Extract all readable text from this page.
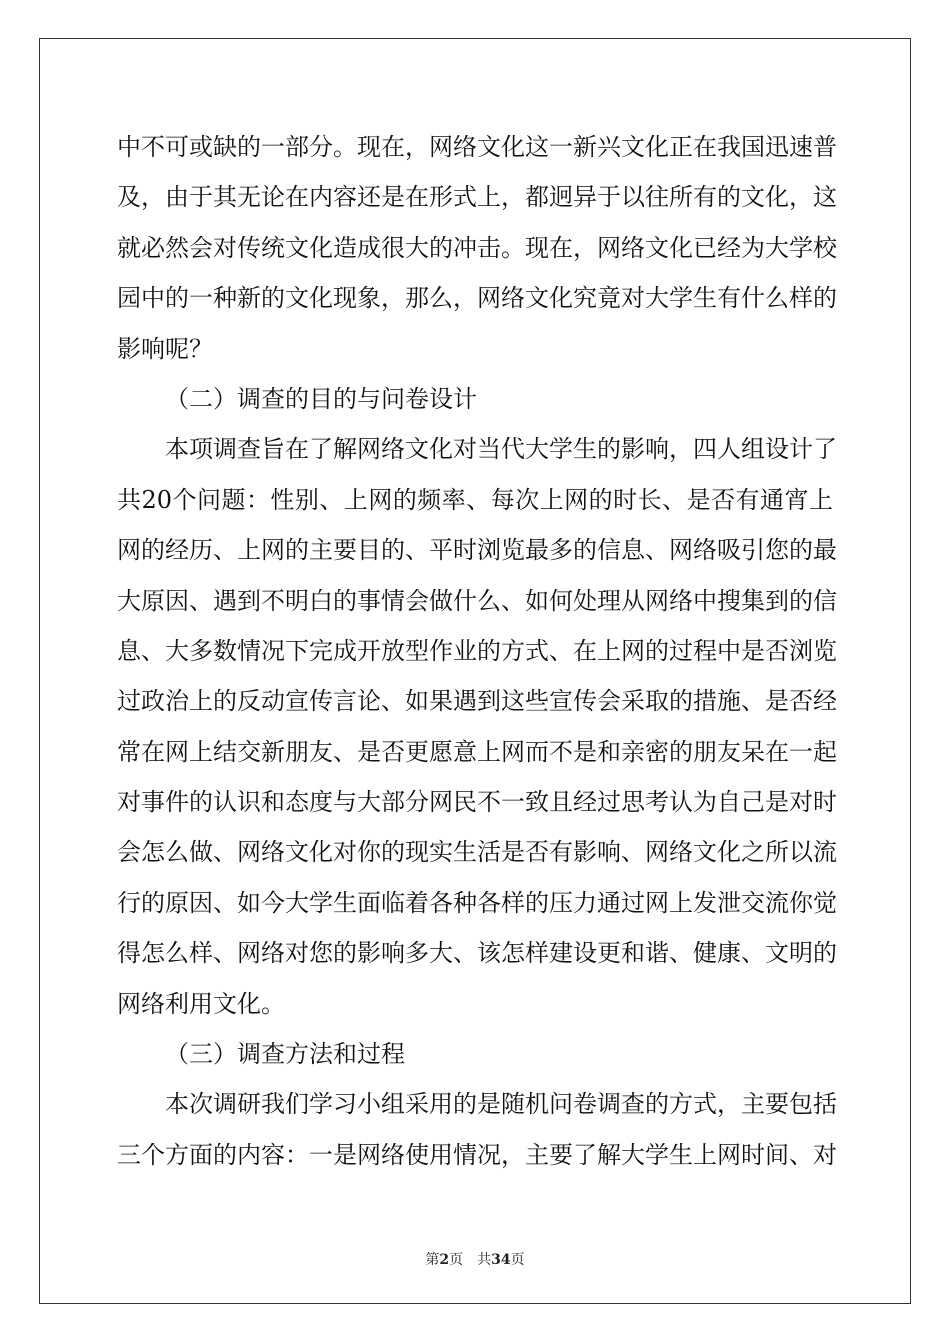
中不可或缺的一部分。现在，网络文化这一新兴文化正在我国迅速普
及，由于其无论在内容还是在形式上，都迥异于以往所有的文化，这
就必然会对传统文化造成很大的冲击。现在，网络文化已经为大学校
园中的一种新的文化现象，那么，网络文化究竟对大学生有什么样的
影响呢？
（二）调查的目的与问卷设计
本项调查旨在了解网络文化对当代大学生的影响，四人组设计了
共20个问题：性别、上网的频率、每次上网的时长、是否有通宵上
网的经历、上网的主要目的、平时浏览最多的信息、网络吸引您的最
大原因、遇到不明白的事情会做什么、如何处理从网络中搜集到的信
息、大多数情况下完成开放型作业的方式、在上网的过程中是否浏览
过政治上的反动宣传言论、如果遇到这些宣传会采取的措施、是否经
常在网上结交新朋友、是否更愿意上网而不是和亲密的朋友呆在一起
对事件的认识和态度与大部分网民不一致且经过思考认为自己是对时
会怎么做、网络文化对你的现实生活是否有影响、网络文化之所以流
行的原因、如今大学生面临着各种各样的压力通过网上发泄交流你觉
得怎么样、网络对您的影响多大、该怎样建设更和谐、健康、文明的
网络利用文化。
（三）调查方法和过程
本次调研我们学习小组采用的是随机问卷调查的方式，主要包括
三个方面的内容：一是网络使用情况，主要了解大学生上网时间、对
第2页 共34页
